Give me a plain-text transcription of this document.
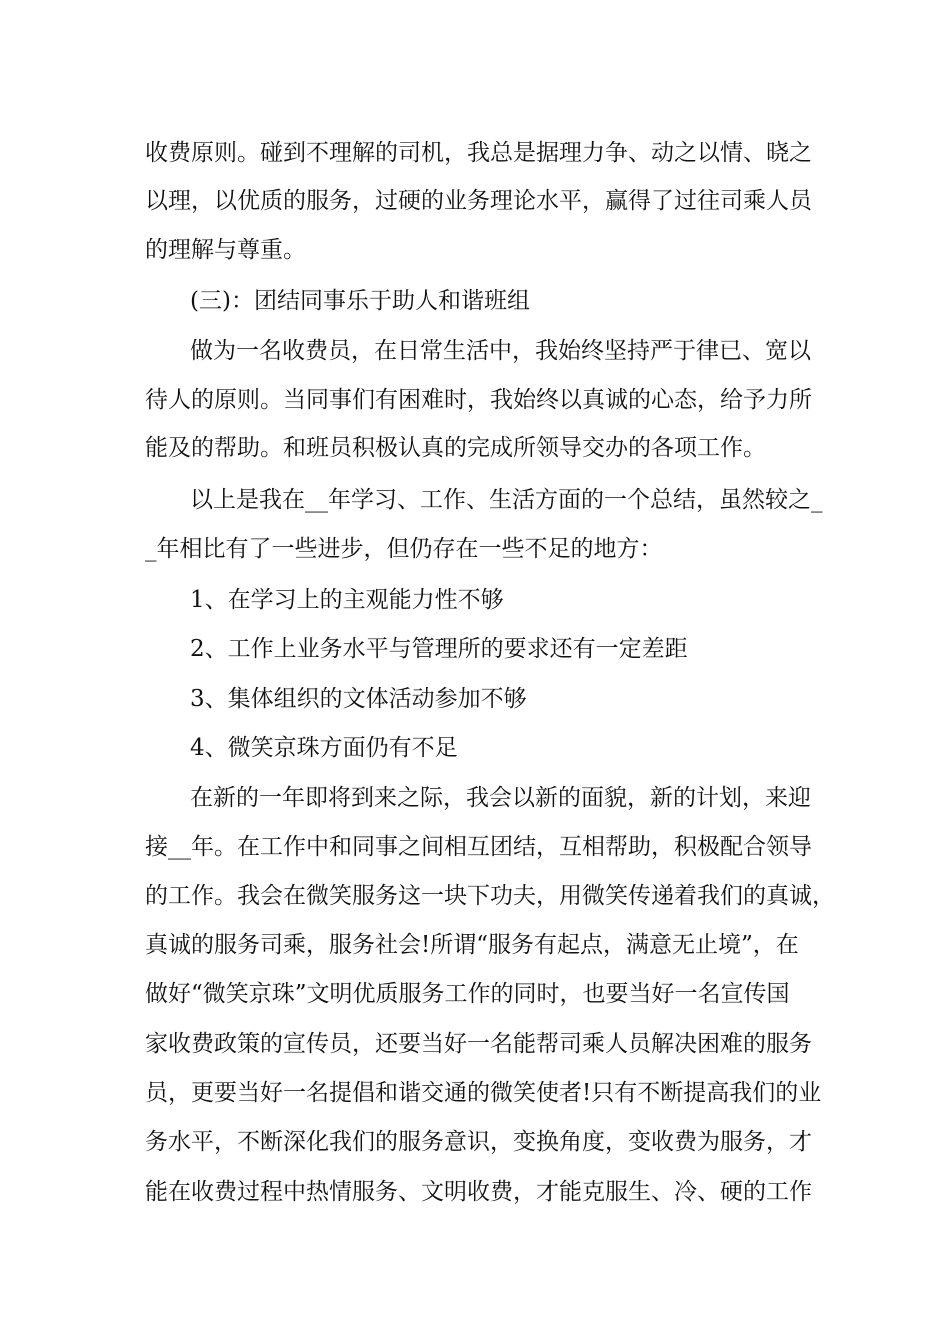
收费原则。碰到不理解的司机，我总是据理力争、动之以情、晓之
以理，以优质的服务，过硬的业务理论水平，赢得了过往司乘人员
的理解与尊重。
(三)：团结同事乐于助人和谐班组
做为一名收费员，在日常生活中，我始终坚持严于律已、宽以
待人的原则。当同事们有困难时，我始终以真诚的心态，给予力所
能及的帮助。和班员积极认真的完成所领导交办的各项工作。
以上是我在__年学习、工作、生活方面的一个总结，虽然较之_
_年相比有了一些进步，但仍存在一些不足的地方：
1、在学习上的主观能力性不够
2、工作上业务水平与管理所的要求还有一定差距
3、集体组织的文体活动参加不够
4、微笑京珠方面仍有不足
在新的一年即将到来之际，我会以新的面貌，新的计划，来迎
接__年。在工作中和同事之间相互团结，互相帮助，积极配合领导
的工作。我会在微笑服务这一块下功夫，用微笑传递着我们的真诚，
真诚的服务司乘，服务社会!所谓“服务有起点，满意无止境”，在
做好“微笑京珠”文明优质服务工作的同时，也要当好一名宣传国
家收费政策的宣传员，还要当好一名能帮司乘人员解决困难的服务
员，更要当好一名提倡和谐交通的微笑使者!只有不断提高我们的业
务水平，不断深化我们的服务意识，变换角度，变收费为服务，才
能在收费过程中热情服务、文明收费，才能克服生、冷、硬的工作
